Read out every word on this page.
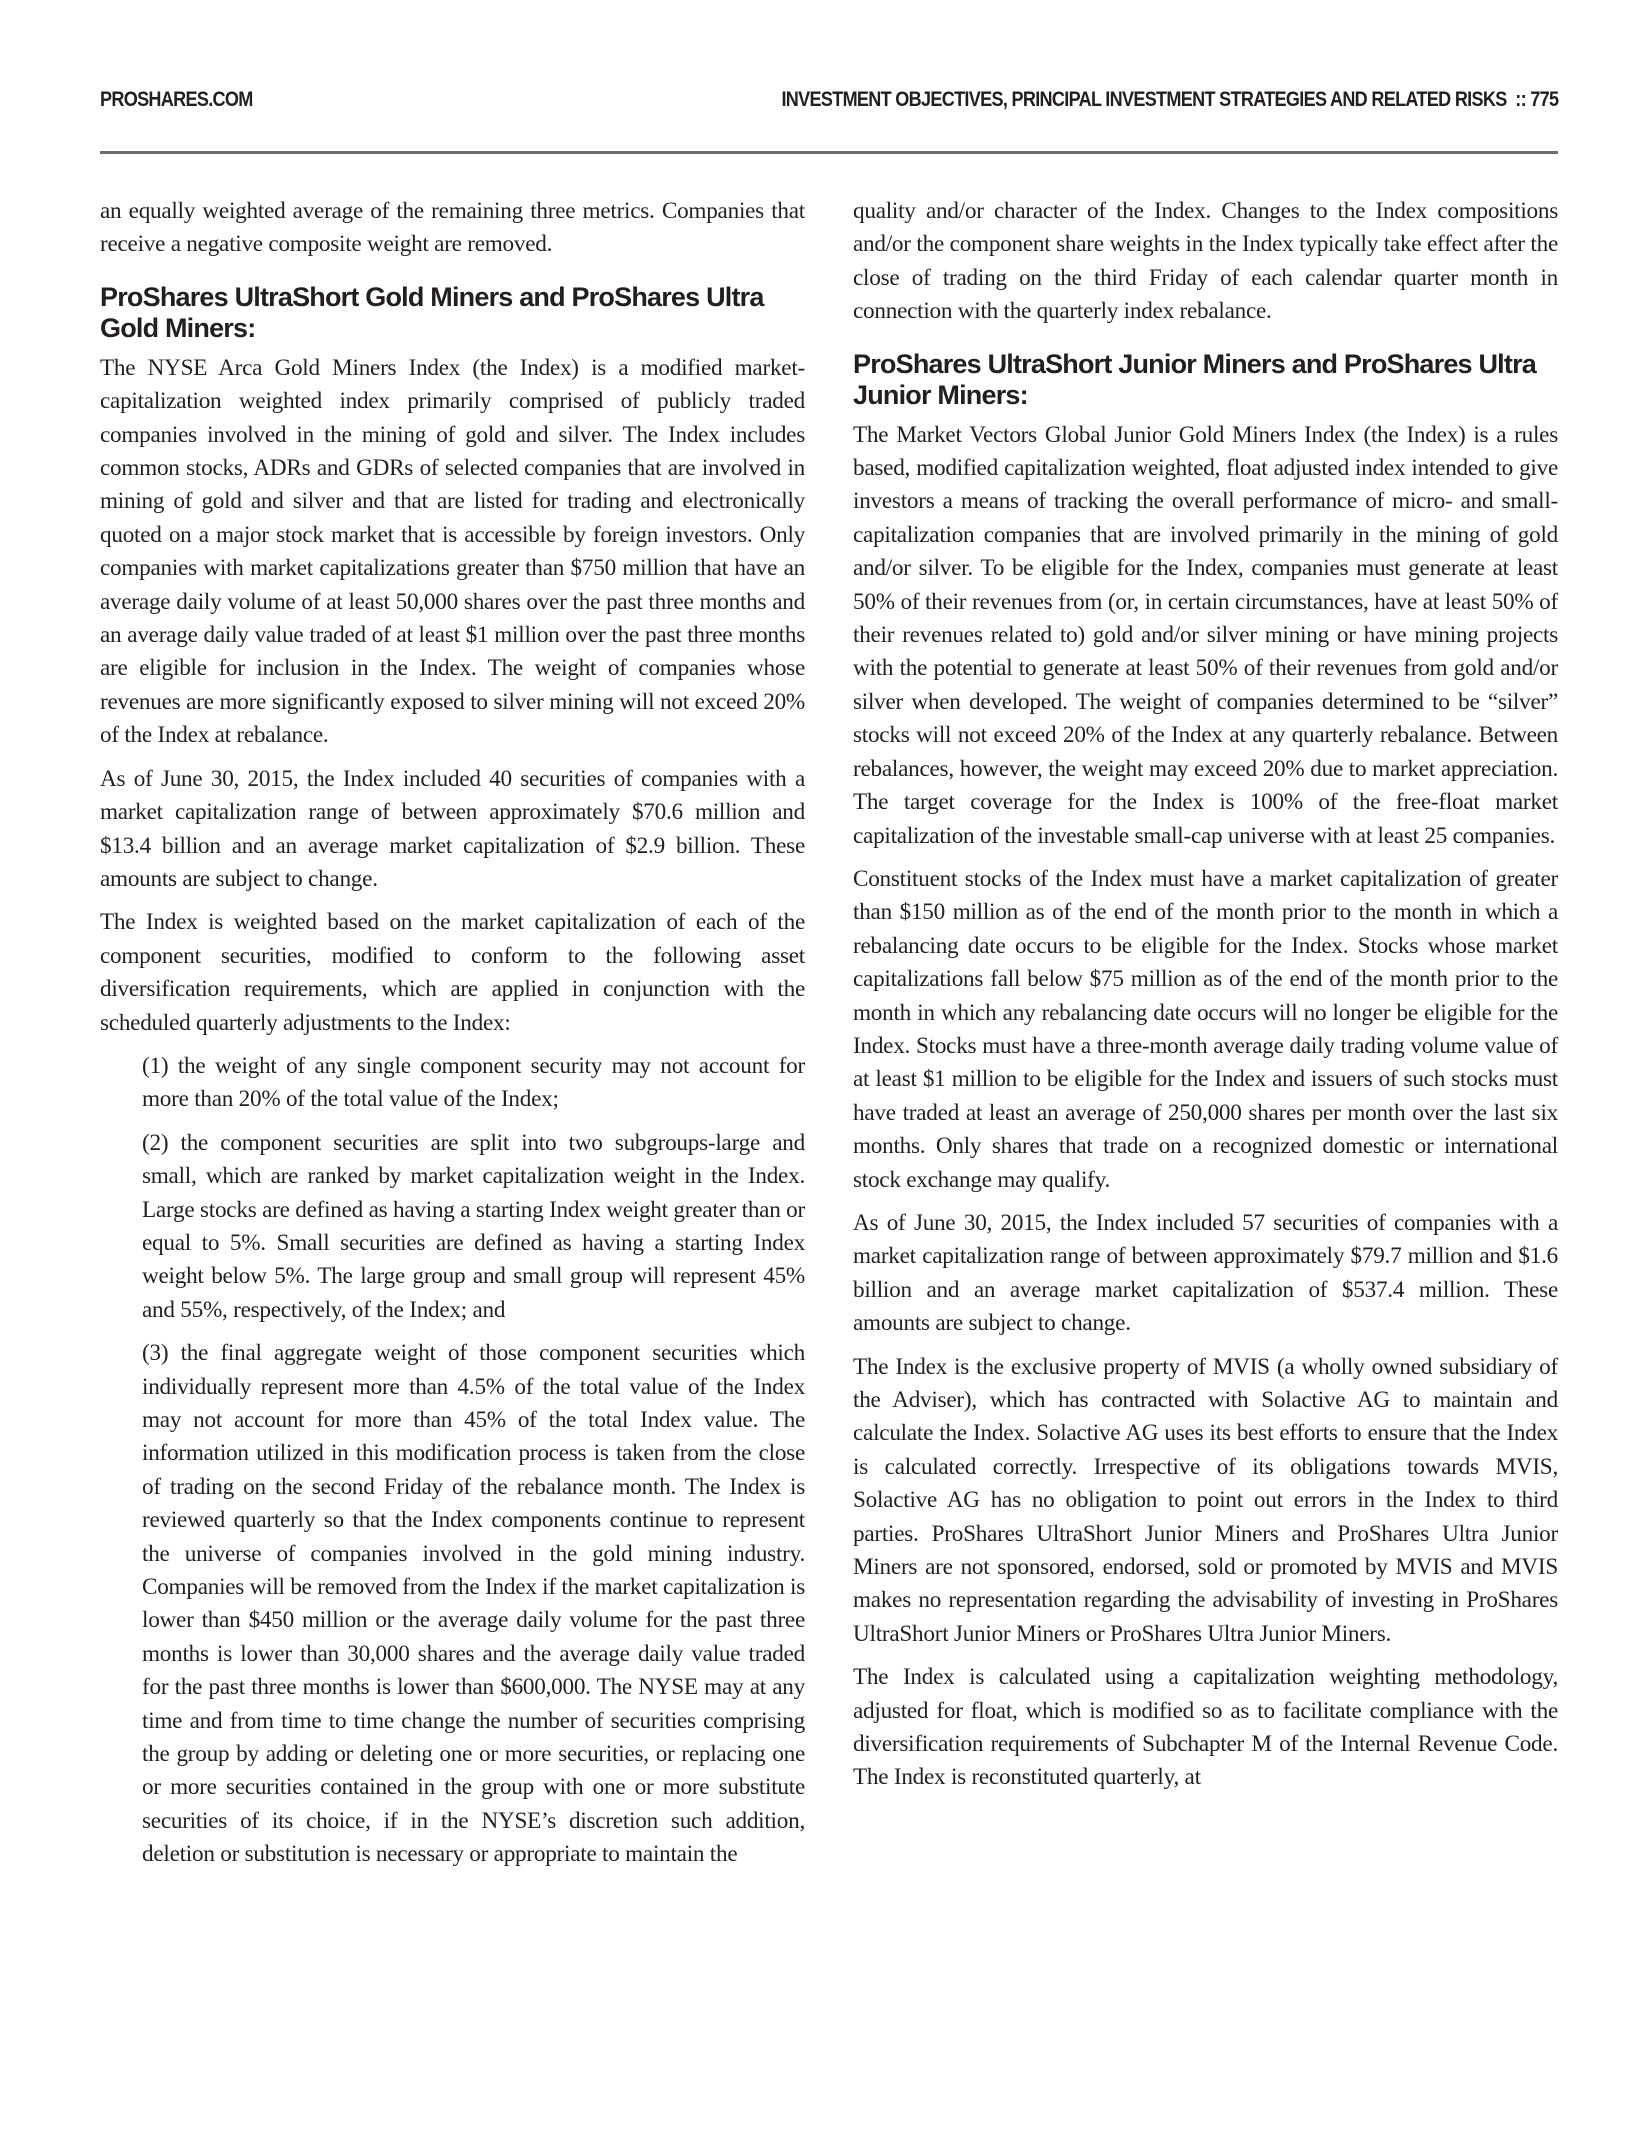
PROSHARES.COM	INVESTMENT OBJECTIVES, PRINCIPAL INVESTMENT STRATEGIES AND RELATED RISKS :: 775

an equally weighted average of the remaining three metrics. Companies that receive a negative composite weight are removed.

ProShares UltraShort Gold Miners and ProShares Ultra Gold Miners:

The NYSE Arca Gold Miners Index (the Index) is a modified market-capitalization weighted index primarily comprised of publicly traded companies involved in the mining of gold and silver. The Index includes common stocks, ADRs and GDRs of selected companies that are involved in mining of gold and silver and that are listed for trading and electronically quoted on a major stock market that is accessible by foreign investors. Only companies with market capitalizations greater than $750 million that have an average daily volume of at least 50,000 shares over the past three months and an average daily value traded of at least $1 million over the past three months are eligible for inclusion in the Index. The weight of companies whose revenues are more significantly exposed to silver mining will not exceed 20% of the Index at rebalance.

As of June 30, 2015, the Index included 40 securities of companies with a market capitalization range of between approximately $70.6 million and $13.4 billion and an average market capitalization of $2.9 billion. These amounts are subject to change.

The Index is weighted based on the market capitalization of each of the component securities, modified to conform to the following asset diversification requirements, which are applied in conjunction with the scheduled quarterly adjustments to the Index:

(1) the weight of any single component security may not account for more than 20% of the total value of the Index;

(2) the component securities are split into two subgroups-large and small, which are ranked by market capitalization weight in the Index. Large stocks are defined as having a starting Index weight greater than or equal to 5%. Small securities are defined as having a starting Index weight below 5%. The large group and small group will represent 45% and 55%, respectively, of the Index; and

(3) the final aggregate weight of those component securities which individually represent more than 4.5% of the total value of the Index may not account for more than 45% of the total Index value. The information utilized in this modification process is taken from the close of trading on the second Friday of the rebalance month. The Index is reviewed quarterly so that the Index components continue to represent the universe of companies involved in the gold mining industry. Companies will be removed from the Index if the market capitalization is lower than $450 million or the average daily volume for the past three months is lower than 30,000 shares and the average daily value traded for the past three months is lower than $600,000. The NYSE may at any time and from time to time change the number of securities comprising the group by adding or deleting one or more securities, or replacing one or more securities contained in the group with one or more substitute securities of its choice, if in the NYSE’s discretion such addition, deletion or substitution is necessary or appropriate to maintain the

quality and/or character of the Index. Changes to the Index compositions and/or the component share weights in the Index typically take effect after the close of trading on the third Friday of each calendar quarter month in connection with the quarterly index rebalance.

ProShares UltraShort Junior Miners and ProShares Ultra Junior Miners:

The Market Vectors Global Junior Gold Miners Index (the Index) is a rules based, modified capitalization weighted, float adjusted index intended to give investors a means of tracking the overall performance of micro- and small-capitalization companies that are involved primarily in the mining of gold and/or silver. To be eligible for the Index, companies must generate at least 50% of their revenues from (or, in certain circumstances, have at least 50% of their revenues related to) gold and/or silver mining or have mining projects with the potential to generate at least 50% of their revenues from gold and/or silver when developed. The weight of companies determined to be “silver” stocks will not exceed 20% of the Index at any quarterly rebalance. Between rebalances, however, the weight may exceed 20% due to market appreciation. The target coverage for the Index is 100% of the free-float market capitalization of the investable small-cap universe with at least 25 companies.

Constituent stocks of the Index must have a market capitalization of greater than $150 million as of the end of the month prior to the month in which a rebalancing date occurs to be eligible for the Index. Stocks whose market capitalizations fall below $75 million as of the end of the month prior to the month in which any rebalancing date occurs will no longer be eligible for the Index. Stocks must have a three-month average daily trading volume value of at least $1 million to be eligible for the Index and issuers of such stocks must have traded at least an average of 250,000 shares per month over the last six months. Only shares that trade on a recognized domestic or international stock exchange may qualify.

As of June 30, 2015, the Index included 57 securities of companies with a market capitalization range of between approximately $79.7 million and $1.6 billion and an average market capitalization of $537.4 million. These amounts are subject to change.

The Index is the exclusive property of MVIS (a wholly owned subsidiary of the Adviser), which has contracted with Solactive AG to maintain and calculate the Index. Solactive AG uses its best efforts to ensure that the Index is calculated correctly. Irrespective of its obligations towards MVIS, Solactive AG has no obligation to point out errors in the Index to third parties. ProShares UltraShort Junior Miners and ProShares Ultra Junior Miners are not sponsored, endorsed, sold or promoted by MVIS and MVIS makes no representation regarding the advisability of investing in ProShares UltraShort Junior Miners or ProShares Ultra Junior Miners.

The Index is calculated using a capitalization weighting methodology, adjusted for float, which is modified so as to facilitate compliance with the diversification requirements of Subchapter M of the Internal Revenue Code. The Index is reconstituted quarterly, at
